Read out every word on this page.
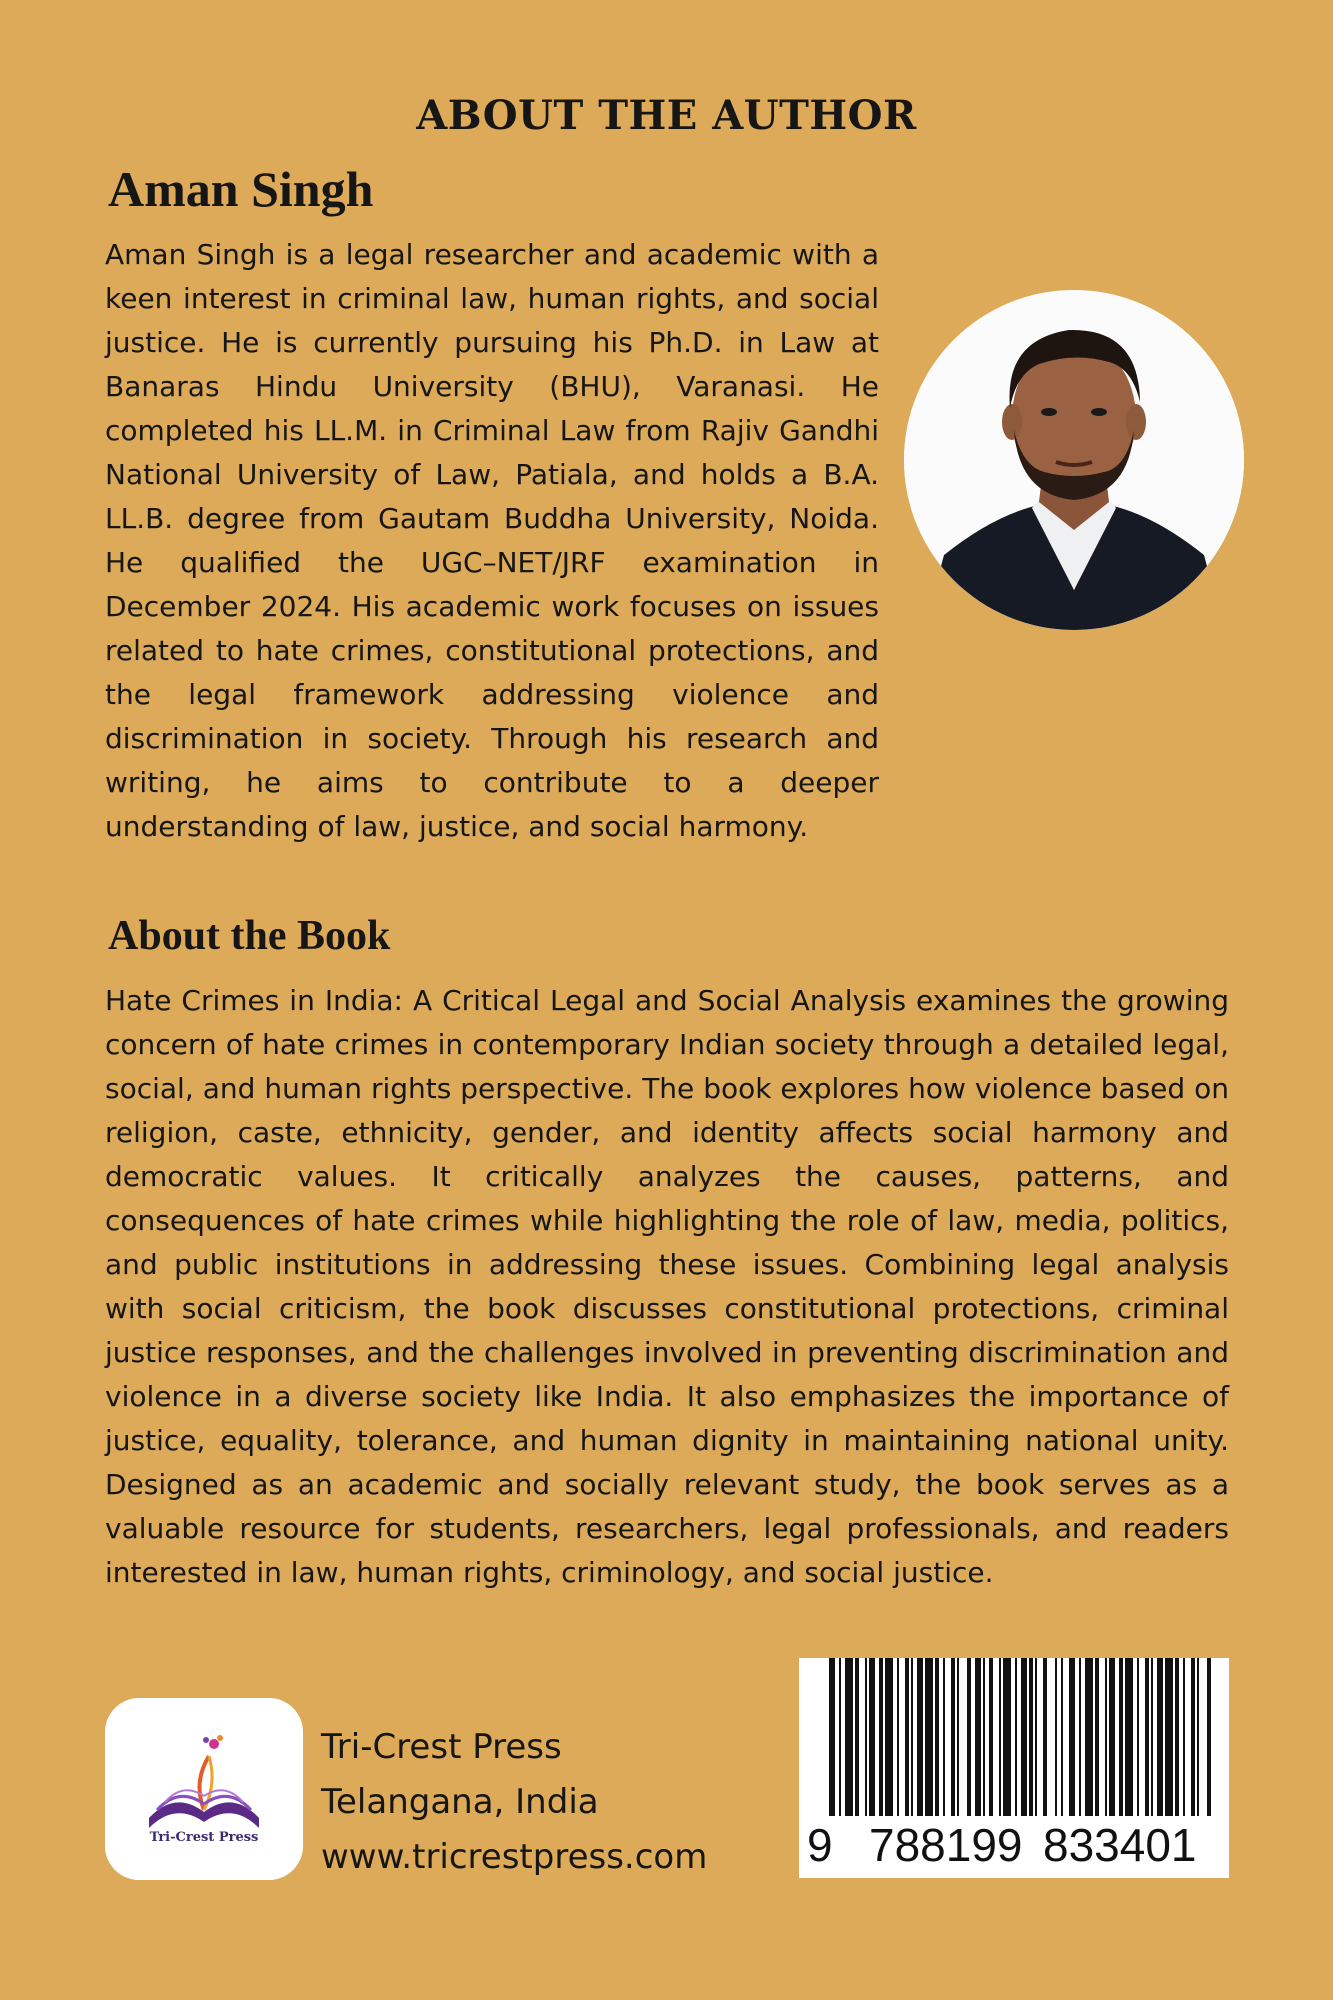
ABOUT THE AUTHOR
Aman Singh

Aman Singh is a legal researcher and academic with a keen interest in criminal law, human rights, and social justice. He is currently pursuing his Ph.D. in Law at Banaras Hindu University (BHU), Varanasi. He completed his LL.M. in Criminal Law from Rajiv Gandhi National University of Law, Patiala, and holds a B.A. LL.B. degree from Gautam Buddha University, Noida. He qualified the UGC–NET/JRF examination in December 2024. His academic work focuses on issues related to hate crimes, constitutional protections, and the legal framework addressing violence and discrimination in society. Through his research and writing, he aims to contribute to a deeper understanding of law, justice, and social harmony.

About the Book

Hate Crimes in India: A Critical Legal and Social Analysis examines the growing concern of hate crimes in contemporary Indian society through a detailed legal, social, and human rights perspective. The book explores how violence based on religion, caste, ethnicity, gender, and identity affects social harmony and democratic values. It critically analyzes the causes, patterns, and consequences of hate crimes while highlighting the role of law, media, politics, and public institutions in addressing these issues. Combining legal analysis with social criticism, the book discusses constitutional protections, criminal justice responses, and the challenges involved in preventing discrimination and violence in a diverse society like India. It also emphasizes the importance of justice, equality, tolerance, and human dignity in maintaining national unity. Designed as an academic and socially relevant study, the book serves as a valuable resource for students, researchers, legal professionals, and readers interested in law, human rights, criminology, and social justice.

Tri-Crest Press
Tri-Crest Press
Telangana, India
www.tricrestpress.com 9 788199 833401
